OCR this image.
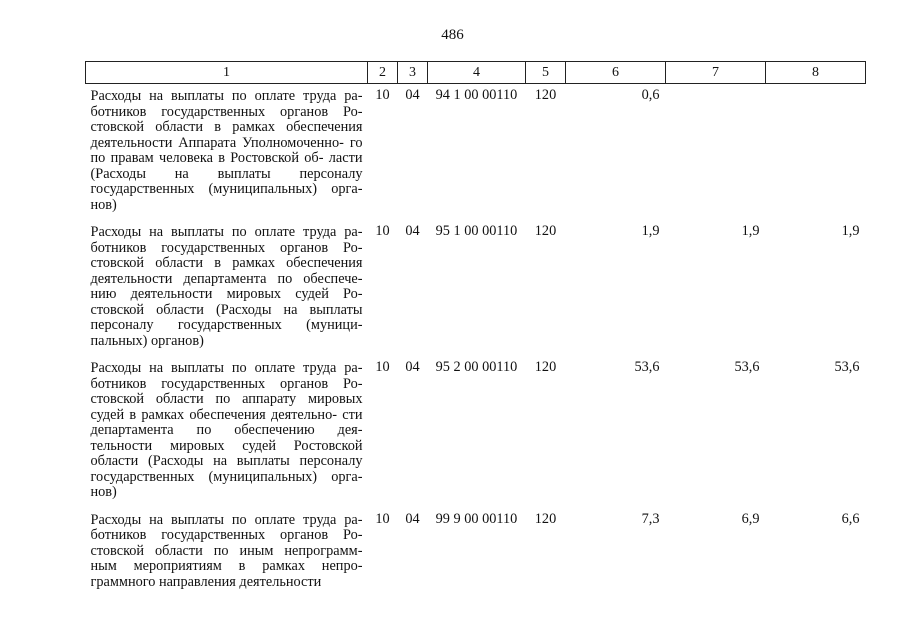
486
1	2	3	4	5	6	7	8
Расходы на выплаты по оплате труда ра- ботников государственных органов Ро- стовской области в рамках обеспечения деятельности Аппарата Уполномоченно- го по правам человека в Ростовской об- ласти (Расходы на выплаты персоналу государственных (муниципальных) орга- нов)	10	04	94 1 00 00110	120	0,6		
Расходы на выплаты по оплате труда ра- ботников государственных органов Ро- стовской области в рамках обеспечения деятельности департамента по обеспече- нию деятельности мировых судей Ро- стовской области (Расходы на выплаты персоналу государственных (муници- пальных) органов)	10	04	95 1 00 00110	120	1,9	1,9	1,9
Расходы на выплаты по оплате труда ра- ботников государственных органов Ро- стовской области по аппарату мировых судей в рамках обеспечения деятельно- сти департамента по обеспечению дея- тельности мировых судей Ростовской области (Расходы на выплаты персоналу государственных (муниципальных) орга- нов)	10	04	95 2 00 00110	120	53,6	53,6	53,6

Расходы на выплаты по оплате труда ра- ботников государственных органов Ро- стовской области по иным непрограмм- ным мероприятиям в рамках непро- граммного направления деятельности	10	04	99 9 00 00110	120	7,3	6,9	6,6
